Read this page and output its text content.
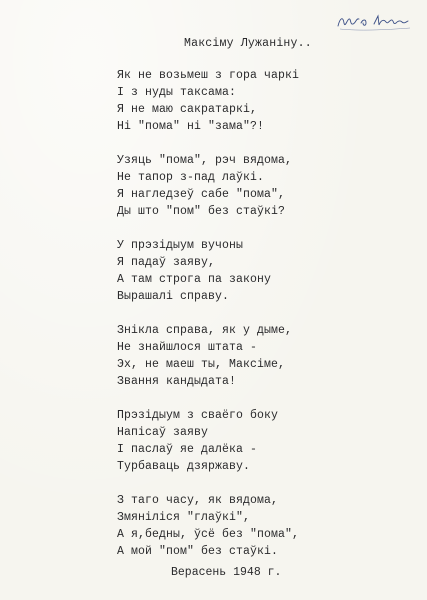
Максіму Лужаніну..
Як не возьмеш з гора чаркі
І з нуды таксама:
Я не маю сакратаркі,
Ні "пома" ні "зама"?!
Узяць "пома", рэч вядома,
Не тапор з-пад лаўкі.
Я нагледзеў сабе "пома",
Ды што "пом" без стаўкі?
У прэзідыум вучоны
Я падаў заяву,
А там строга па закону
Вырашалі справу.
Знікла справа, як у дыме,
Не знайшлося штата -
Эх, не маеш ты, Максіме,
Звання кандыдата!
Прэзідыум з сваёго боку
Напісаў заяву
І паслаў яе далёка -
Турбаваць дзяржаву.
З таго часу, як вядома,
Змяніліся "глаўкі",
А я,бедны, ўсё без "пома",
А мой "пом" без стаўкі.
Верасень 1948 г.
